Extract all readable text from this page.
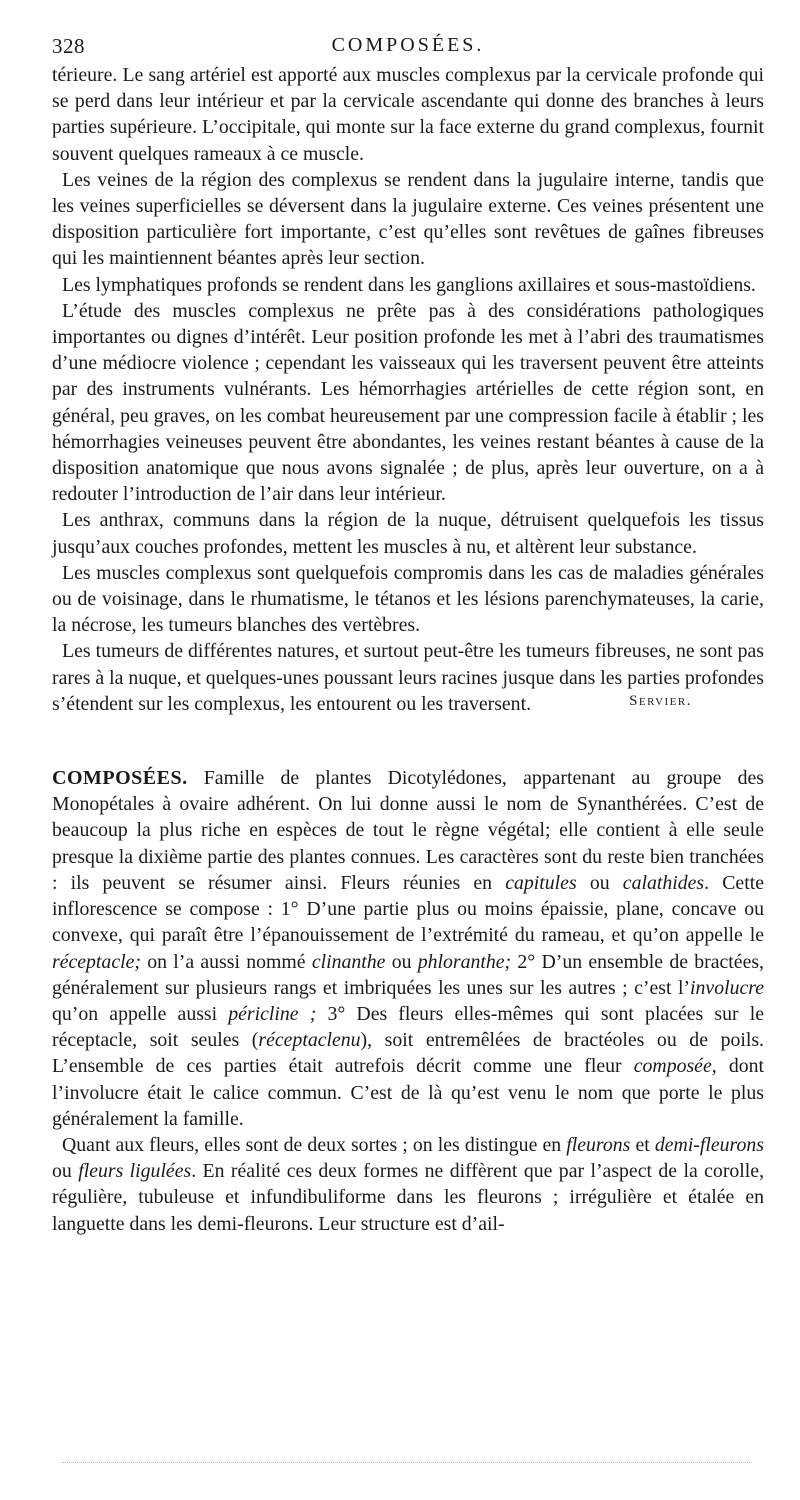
328	COMPOSÉES.

térieure. Le sang artériel est apporté aux muscles complexus par la cervicale profonde qui se perd dans leur intérieur et par la cervicale ascendante qui donne des branches à leurs parties supérieure. L’occipitale, qui monte sur la face externe du grand complexus, fournit souvent quelques rameaux à ce muscle.

Les veines de la région des complexus se rendent dans la jugulaire interne, tandis que les veines superficielles se déversent dans la jugulaire externe. Ces veines présentent une disposition particulière fort importante, c’est qu’elles sont revêtues de gaînes fibreuses qui les maintiennent béantes après leur section.

Les lymphatiques profonds se rendent dans les ganglions axillaires et sous-mastoïdiens.

L’étude des muscles complexus ne prête pas à des considérations pathologiques importantes ou dignes d’intérêt. Leur position profonde les met à l’abri des traumatismes d’une médiocre violence ; cependant les vaisseaux qui les traversent peuvent être atteints par des instruments vulnérants. Les hémorrhagies artérielles de cette région sont, en général, peu graves, on les combat heureusement par une compression facile à établir ; les hémorrhagies veineuses peuvent être abondantes, les veines restant béantes à cause de la disposition anatomique que nous avons signalée ; de plus, après leur ouverture, on a à redouter l’introduction de l’air dans leur intérieur.

Les anthrax, communs dans la région de la nuque, détruisent quelquefois les tissus jusqu’aux couches profondes, mettent les muscles à nu, et altèrent leur substance.

Les muscles complexus sont quelquefois compromis dans les cas de maladies générales ou de voisinage, dans le rhumatisme, le tétanos et les lésions parenchymateuses, la carie, la nécrose, les tumeurs blanches des vertèbres.

Les tumeurs de différentes natures, et surtout peut-être les tumeurs fibreuses, ne sont pas rares à la nuque, et quelques-unes poussant leurs racines jusque dans les parties profondes s’étendent sur les complexus, les entourent ou les traversent.	Servier.

COMPOSÉES. Famille de plantes Dicotylédones, appartenant au groupe des Monopétales à ovaire adhérent. On lui donne aussi le nom de Synanthérées. C’est de beaucoup la plus riche en espèces de tout le règne végétal; elle contient à elle seule presque la dixième partie des plantes connues. Les caractères sont du reste bien tranchées : ils peuvent se résumer ainsi. Fleurs réunies en capitules ou calathides. Cette inflorescence se compose : 1° D’une partie plus ou moins épaissie, plane, concave ou convexe, qui paraît être l’épanouissement de l’extrémité du rameau, et qu’on appelle le réceptacle; on l’a aussi nommé clinanthe ou phloranthe; 2° D’un ensemble de bractées, généralement sur plusieurs rangs et imbriquées les unes sur les autres ; c’est l’involucre qu’on appelle aussi péricline ; 3° Des fleurs elles-mêmes qui sont placées sur le réceptacle, soit seules (réceptaclenu), soit entremêlées de bractéoles ou de poils. L’ensemble de ces parties était autrefois décrit comme une fleur composée, dont l’involucre était le calice commun. C’est de là qu’est venu le nom que porte le plus généralement la famille.

Quant aux fleurs, elles sont de deux sortes ; on les distingue en fleurons et demi-fleurons ou fleurs ligulées. En réalité ces deux formes ne diffèrent que par l’aspect de la corolle, régulière, tubuleuse et infundibuliforme dans les fleurons ; irrégulière et étalée en languette dans les demi-fleurons. Leur structure est d’ail-
